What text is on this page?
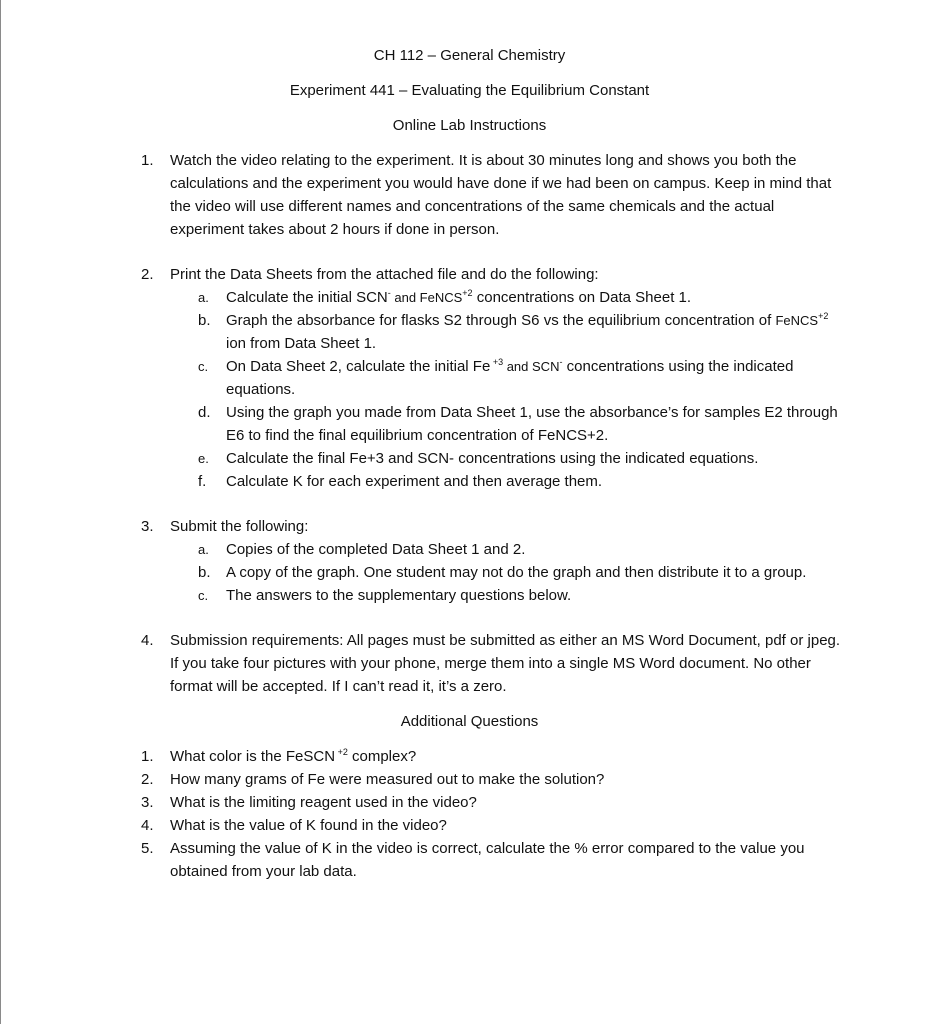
CH 112 – General Chemistry
Experiment 441 – Evaluating the Equilibrium Constant
Online Lab Instructions
1. Watch the video relating to the experiment. It is about 30 minutes long and shows you both the calculations and the experiment you would have done if we had been on campus. Keep in mind that the video will use different names and concentrations of the same chemicals and the actual experiment takes about 2 hours if done in person.
2. Print the Data Sheets from the attached file and do the following:
a. Calculate the initial SCN- and FeNCS$^{+2}$ concentrations on Data Sheet 1.
b. Graph the absorbance for flasks S2 through S6 vs the equilibrium concentration of FeNCS$^{+2}$ ion from Data Sheet 1.
c. On Data Sheet 2, calculate the initial Fe $^{+3}$ and SCN- concentrations using the indicated equations.
d. Using the graph you made from Data Sheet 1, use the absorbance’s for samples E2 through E6 to find the final equilibrium concentration of FeNCS+2.
e. Calculate the final Fe+3 and SCN- concentrations using the indicated equations.
f. Calculate K for each experiment and then average them.
3. Submit the following:
a. Copies of the completed Data Sheet 1 and 2.
b. A copy of the graph. One student may not do the graph and then distribute it to a group.
c. The answers to the supplementary questions below.
4. Submission requirements: All pages must be submitted as either an MS Word Document, pdf or jpeg. If you take four pictures with your phone, merge them into a single MS Word document. No other format will be accepted. If I can’t read it, it’s a zero.
Additional Questions
1. What color is the FeSCN $^{+2}$ complex?
2. How many grams of Fe were measured out to make the solution?
3. What is the limiting reagent used in the video?
4. What is the value of K found in the video?
5. Assuming the value of K in the video is correct, calculate the % error compared to the value you obtained from your lab data.
